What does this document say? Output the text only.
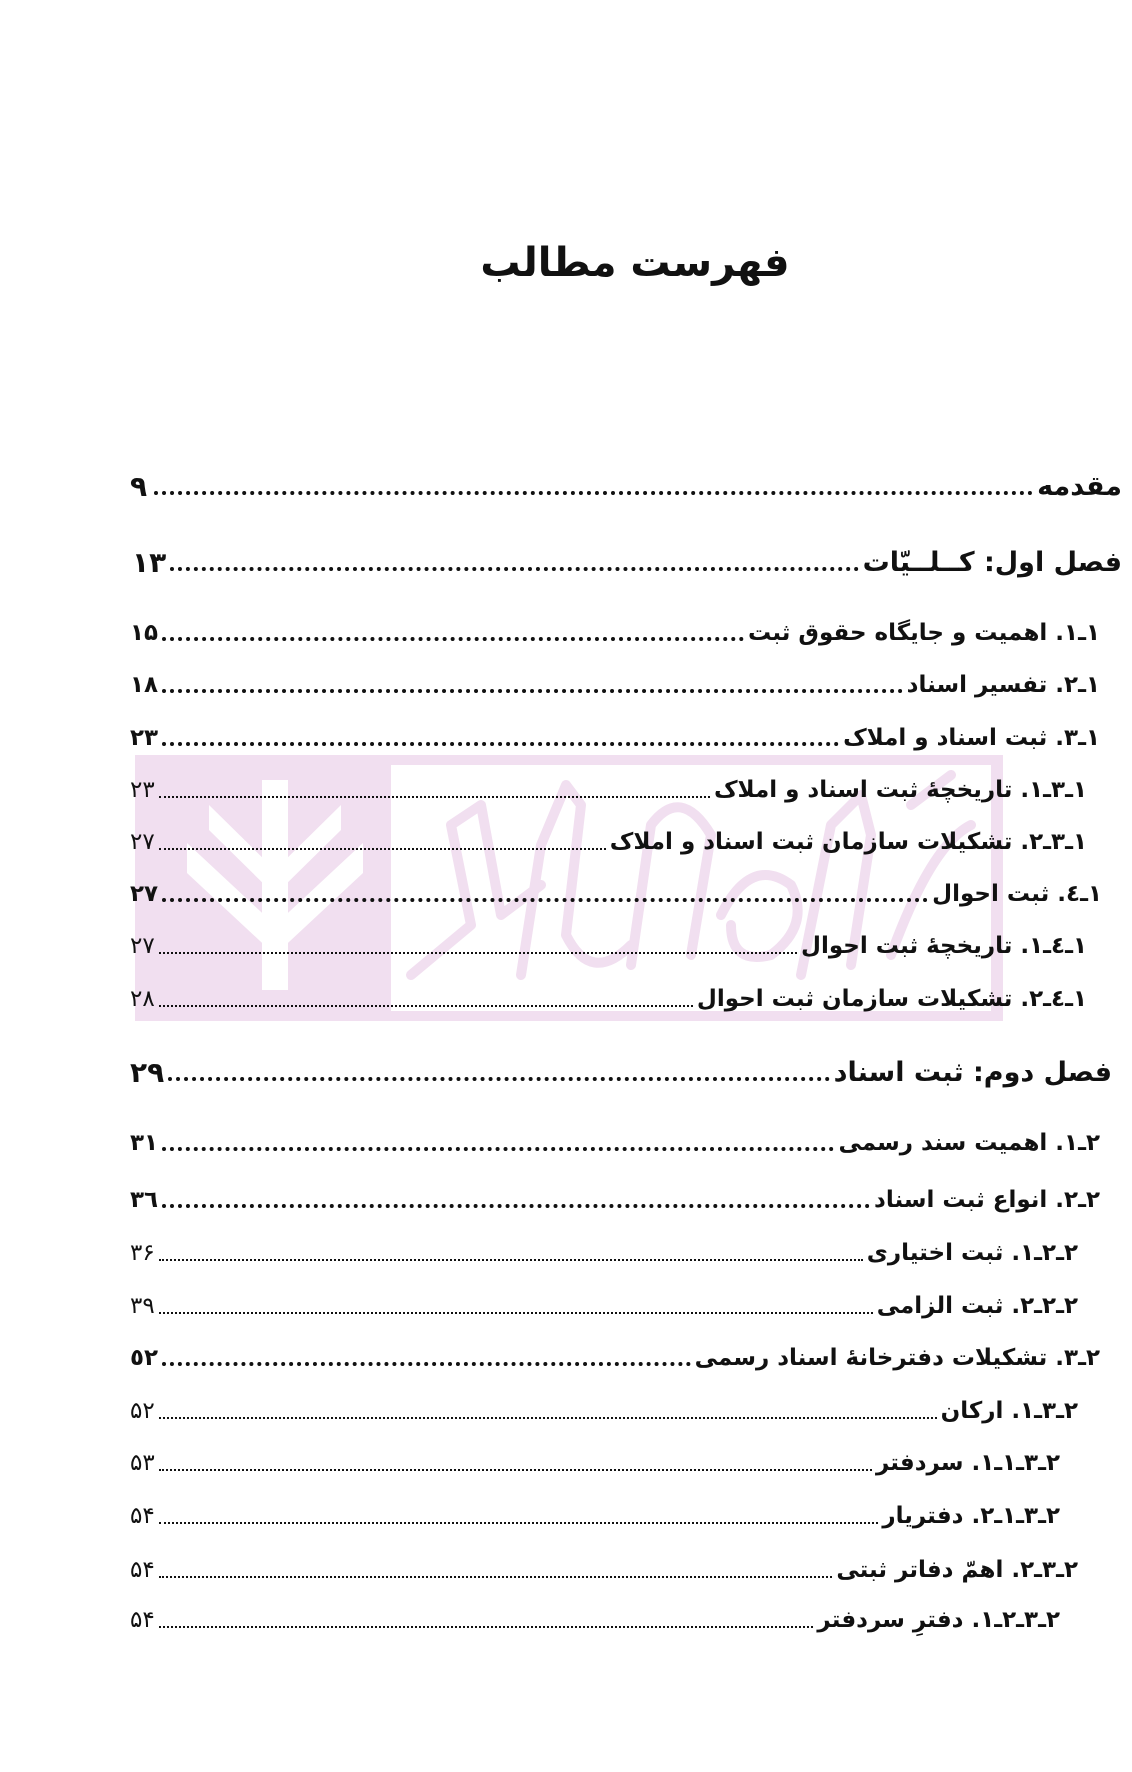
فهرست مطالب
مقدمه
۹
فصل اول: کــلــیّات
۱۳
۱ـ۱. اهمیت و جایگاه حقوق ثبت
۱۵
۱ـ۲. تفسیر اسناد
۱۸
۱ـ۳. ثبت اسناد و املاک
۲۳
۱ـ۳ـ۱. تاریخچۀ ثبت اسناد و املاک
۲۳
۱ـ۳ـ۲. تشکیلات سازمان ثبت اسناد و املاک
۲۷
۱ـ٤. ثبت احوال
۲۷
۱ـ٤ـ۱. تاریخچۀ ثبت احوال
۲۷
۱ـ٤ـ۲. تشکیلات سازمان ثبت احوال
۲۸
فصل دوم: ثبت اسناد
۲۹
۲ـ۱. اهمیت سند رسمی
۳۱
۲ـ۲. انواع ثبت اسناد
۳٦
۲ـ۲ـ۱. ثبت اختیاری
۳۶
۲ـ۲ـ۲. ثبت الزامی
۳۹
۲ـ۳. تشکیلات دفترخانۀ اسناد رسمی
٥۲
۲ـ۳ـ۱. ارکان
۵۲
۲ـ۳ـ۱ـ۱. سردفتر
۵۳
۲ـ۳ـ۱ـ۲. دفتریار
۵۴
۲ـ۳ـ۲. اهمّ دفاتر ثبتی
۵۴
۲ـ۳ـ۲ـ۱. دفترِ سردفتر
۵۴
